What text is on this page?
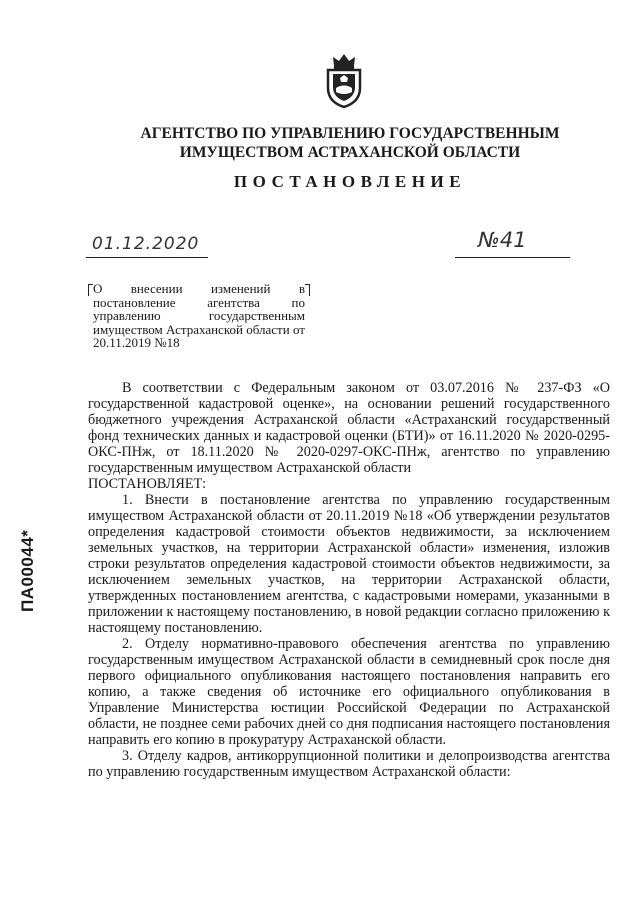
АГЕНТСТВО ПО УПРАВЛЕНИЮ ГОСУДАРСТВЕННЫМ
ИМУЩЕСТВОМ АСТРАХАНСКОЙ ОБЛАСТИ
ПОСТАНОВЛЕНИЕ
01.12.2020	№41
О внесении изменений в постановление агентства по управлению государственным имуществом Астраханской области от 20.11.2019 №18
ПА00044*

В соответствии с Федеральным законом от 03.07.2016 № 237-ФЗ «О государственной кадастровой оценке», на основании решений государственного бюджетного учреждения Астраханской области «Астраханский государственный фонд технических данных и кадастровой оценки (БТИ)» от 16.11.2020 № 2020-0295-ОКС-ПНж, от 18.11.2020 № 2020-0297-ОКС-ПНж, агентство по управлению государственным имуществом Астраханской области

ПОСТАНОВЛЯЕТ:

1. Внести в постановление агентства по управлению государственным имуществом Астраханской области от 20.11.2019 №18 «Об утверждении результатов определения кадастровой стоимости объектов недвижимости, за исключением земельных участков, на территории Астраханской области» изменения, изложив строки результатов определения кадастровой стоимости объектов недвижимости, за исключением земельных участков, на территории Астраханской области, утвержденных постановлением агентства, с кадастровыми номерами, указанными в приложении к настоящему постановлению, в новой редакции согласно приложению к настоящему постановлению.

2. Отделу нормативно-правового обеспечения агентства по управлению государственным имуществом Астраханской области в семидневный срок после дня первого официального опубликования настоящего постановления направить его копию, а также сведения об источнике его официального опубликования в Управление Министерства юстиции Российской Федерации по Астраханской области, не позднее семи рабочих дней со дня подписания настоящего постановления направить его копию в прокуратуру Астраханской области.

3. Отделу кадров, антикоррупционной политики и делопроизводства агентства по управлению государственным имуществом Астраханской области:
